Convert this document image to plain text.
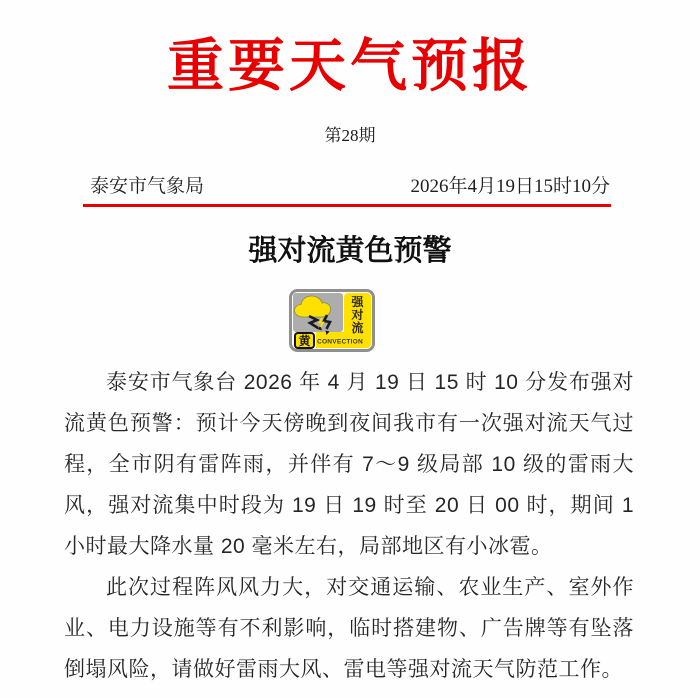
重要天气预报
第28期
泰安市气象局	2026年4月19日15时10分
强对流黄色预警
强
对
流
黄 CONVECTION

泰安市气象台 2026 年 4 月 19 日 15 时 10 分发布强对流黄色预警：预计今天傍晚到夜间我市有一次强对流天气过程，全市阴有雷阵雨，并伴有 7～9 级局部 10 级的雷雨大风，强对流集中时段为 19 日 19 时至 20 日 00 时，期间 1 小时最大降水量 20 毫米左右，局部地区有小冰雹。

此次过程阵风风力大，对交通运输、农业生产、室外作业、电力设施等有不利影响，临时搭建物、广告牌等有坠落倒塌风险，请做好雷雨大风、雷电等强对流天气防范工作。
